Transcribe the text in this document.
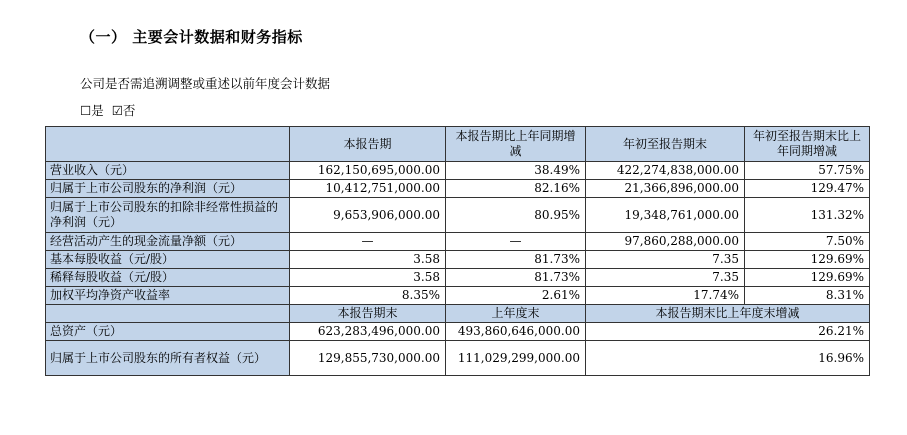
（一） 主要会计数据和财务指标
公司是否需追溯调整或重述以前年度会计数据
☐是 ☑否
	本报告期	本报告期比上年同期增减	年初至报告期末	年初至报告期末比上年同期增减
营业收入（元）	162,150,695,000.00	38.49%	422,274,838,000.00	57.75%
归属于上市公司股东的净利润（元）	10,412,751,000.00	82.16%	21,366,896,000.00	129.47%
归属于上市公司股东的扣除非经常性损益的净利润（元）	9,653,906,000.00	80.95%	19,348,761,000.00	131.32%
经营活动产生的现金流量净额（元）	—	—	97,860,288,000.00	7.50%
基本每股收益（元/股）	3.58	81.73%	7.35	129.69%
稀释每股收益（元/股）	3.58	81.73%	7.35	129.69%
加权平均净资产收益率	8.35%	2.61%	17.74%	8.31%
	本报告期末	上年度末	本报告期末比上年度末增减	
总资产（元）	623,283,496,000.00	493,860,646,000.00	26.21%	
归属于上市公司股东的所有者权益（元）	129,855,730,000.00	111,029,299,000.00	16.96%	
